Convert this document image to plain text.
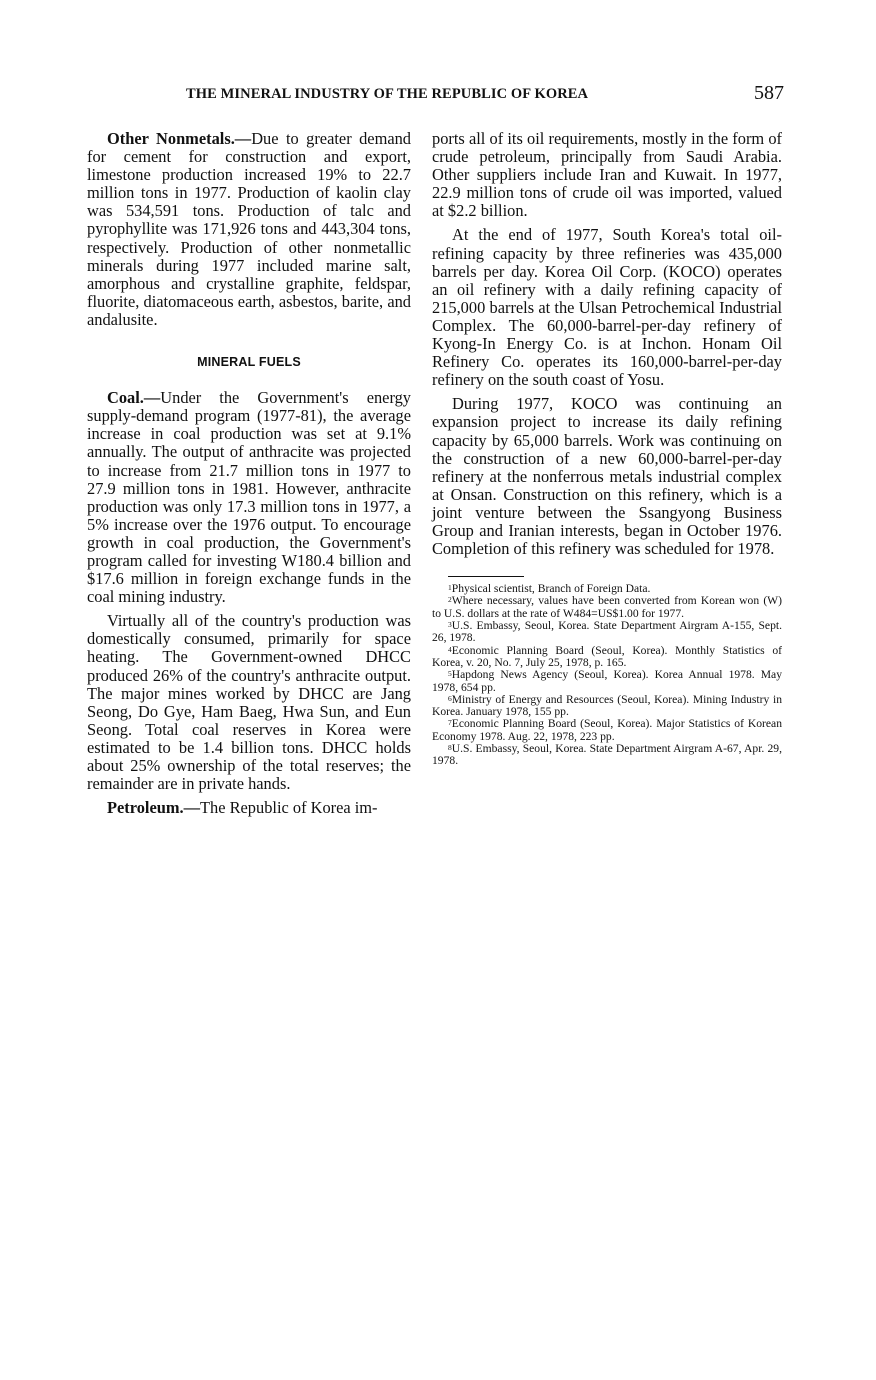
THE MINERAL INDUSTRY OF THE REPUBLIC OF KOREA	587

Other Nonmetals.—Due to greater demand for cement for construction and export, limestone production increased 19% to 22.7 million tons in 1977. Production of kaolin clay was 534,591 tons. Production of talc and pyrophyllite was 171,926 tons and 443,304 tons, respectively. Production of other nonmetallic minerals during 1977 included marine salt, amorphous and crystalline graphite, feldspar, fluorite, diatomaceous earth, asbestos, barite, and andalusite.

MINERAL FUELS

Coal.—Under the Government's energy supply-demand program (1977-81), the average increase in coal production was set at 9.1% annually. The output of anthracite was projected to increase from 21.7 million tons in 1977 to 27.9 million tons in 1981. However, anthracite production was only 17.3 million tons in 1977, a 5% increase over the 1976 output. To encourage growth in coal production, the Government's program called for investing W180.4 billion and $17.6 million in foreign exchange funds in the coal mining industry.

Virtually all of the country's production was domestically consumed, primarily for space heating. The Government-owned DHCC produced 26% of the country's anthracite output. The major mines worked by DHCC are Jang Seong, Do Gye, Ham Baeg, Hwa Sun, and Eun Seong. Total coal reserves in Korea were estimated to be 1.4 billion tons. DHCC holds about 25% ownership of the total reserves; the remainder are in private hands.

Petroleum.—The Republic of Korea im-

ports all of its oil requirements, mostly in the form of crude petroleum, principally from Saudi Arabia. Other suppliers include Iran and Kuwait. In 1977, 22.9 million tons of crude oil was imported, valued at $2.2 billion.

At the end of 1977, South Korea's total oil-refining capacity by three refineries was 435,000 barrels per day. Korea Oil Corp. (KOCO) operates an oil refinery with a daily refining capacity of 215,000 barrels at the Ulsan Petrochemical Industrial Complex. The 60,000-barrel-per-day refinery of Kyong-In Energy Co. is at Inchon. Honam Oil Refinery Co. operates its 160,000-barrel-per-day refinery on the south coast of Yosu.

During 1977, KOCO was continuing an expansion project to increase its daily refining capacity by 65,000 barrels. Work was continuing on the construction of a new 60,000-barrel-per-day refinery at the nonferrous metals industrial complex at Onsan. Construction on this refinery, which is a joint venture between the Ssangyong Business Group and Iranian interests, began in October 1976. Completion of this refinery was scheduled for 1978.

$^1$Physical scientist, Branch of Foreign Data.

$^2$Where necessary, values have been converted from Korean won (W) to U.S. dollars at the rate of W484=US$1.00 for 1977.

$^3$U.S. Embassy, Seoul, Korea. State Department Airgram A-155, Sept. 26, 1978.

$^4$Economic Planning Board (Seoul, Korea). Monthly Statistics of Korea, v. 20, No. 7, July 25, 1978, p. 165.

$^5$Hapdong News Agency (Seoul, Korea). Korea Annual 1978. May 1978, 654 pp.

$^6$Ministry of Energy and Resources (Seoul, Korea). Mining Industry in Korea. January 1978, 155 pp.

$^7$Economic Planning Board (Seoul, Korea). Major Statistics of Korean Economy 1978. Aug. 22, 1978, 223 pp.

$^8$U.S. Embassy, Seoul, Korea. State Department Airgram A-67, Apr. 29, 1978.
